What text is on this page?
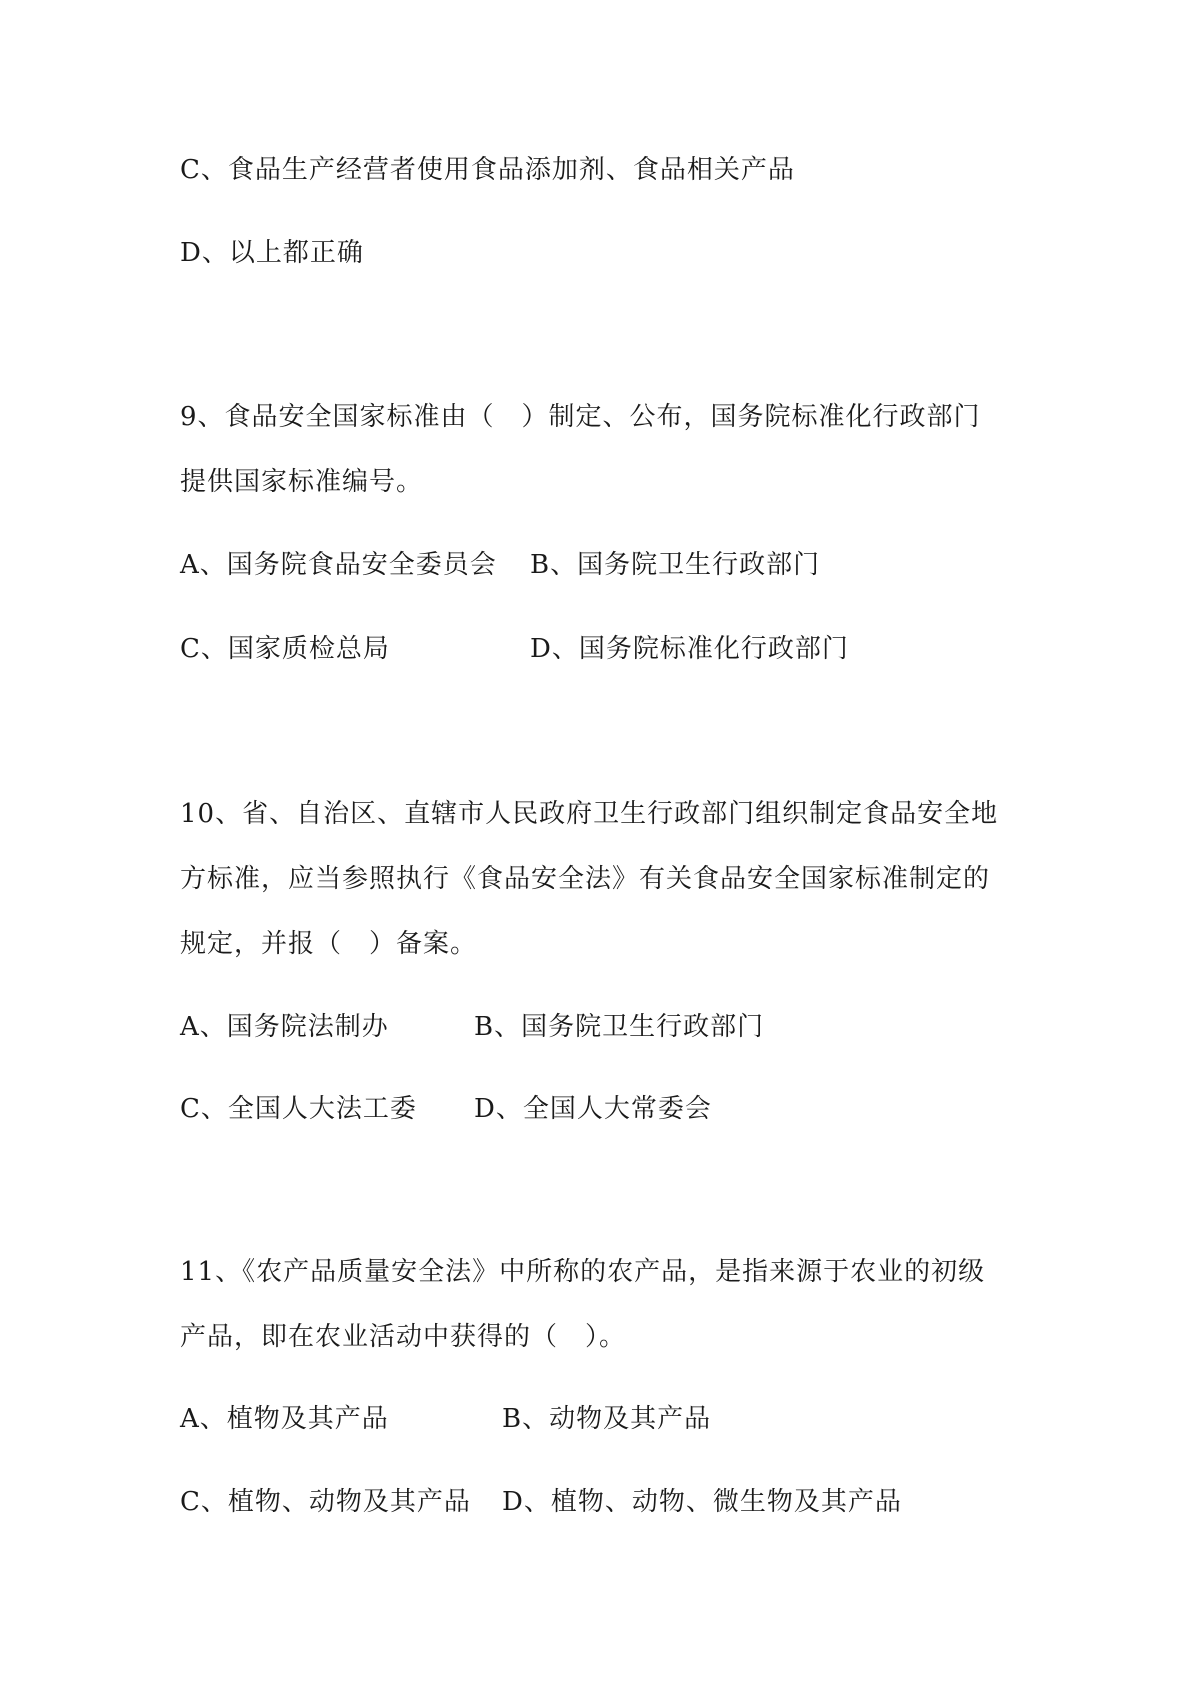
C、食品生产经营者使用食品添加剂、食品相关产品
D、以上都正确
9、食品安全国家标准由（　）制定、公布，国务院标准化行政部门
提供国家标准编号。
A、国务院食品安全委员会 B、国务院卫生行政部门
C、国家质检总局	D、国务院标准化行政部门
10、省、自治区、直辖市人民政府卫生行政部门组织制定食品安全地
方标准，应当参照执行《食品安全法》有关食品安全国家标准制定的
规定，并报（　）备案。
A、国务院法制办	B、国务院卫生行政部门
C、全国人大法工委 D、全国人大常委会
11、《农产品质量安全法》中所称的农产品，是指来源于农业的初级
产品，即在农业活动中获得的（　）。
A、植物及其产品	B、动物及其产品
C、植物、动物及其产品 D、植物、动物、微生物及其产品
